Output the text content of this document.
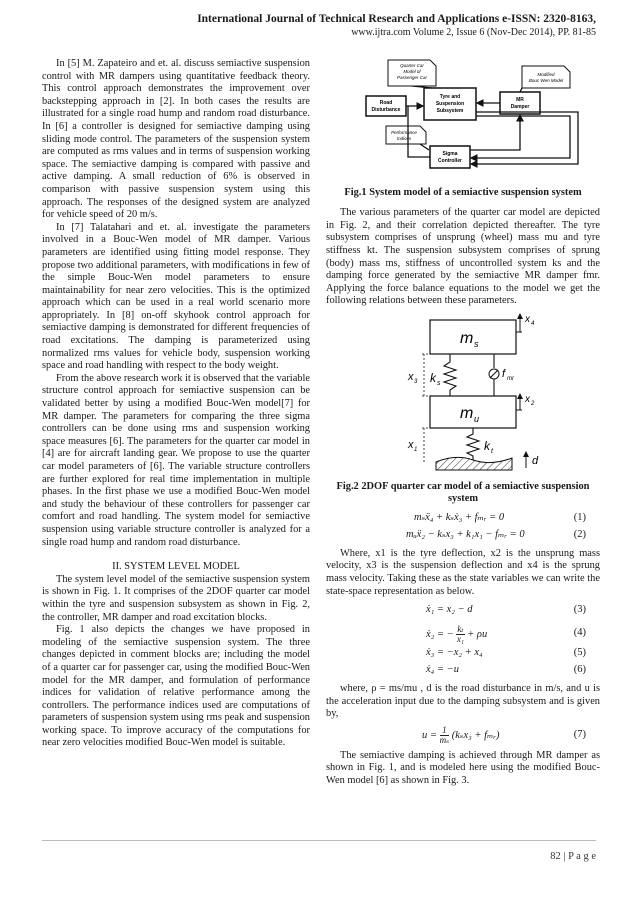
International Journal of Technical Research and Applications e-ISSN: 2320-8163,
www.ijtra.com Volume 2, Issue 6 (Nov-Dec 2014), PP. 81-85

In [5] M. Zapateiro and et. al. discuss semiactive suspension control with MR dampers using quantitative feedback theory. This control approach demonstrates the improvement over backstepping approach in [2]. In both cases the results are illustrated for a single road hump and random road disturbance. In [6] a controller is designed for semiactive damping using sliding mode control. The parameters of the suspension system are computed as rms values and in terms of suspension working space. The semiactive damping is compared with passive and active damping. A small reduction of 6% is observed in comparison with passive suspension system using this approach. The responses of the designed system are analyzed for vehicle speed of 20 m/s.

In [7] Talatahari and et. al. investigate the parameters involved in a Bouc-Wen model of MR damper. Various parameters are identified using fitting model response. They propose two additional parameters, with modifications in few of the simple Bouc-Wen model parameters to ensure maintainability for near zero velocities. This is the optimized approach which can be used in a real world scenario more appropriately. In [8] on-off skyhook control approach for semiactive damping is demonstrated for different frequencies of road excitations. The damping is parameterized using normalized rms values for vehicle body, suspension working space and road handling with respect to the body weight.

From the above research work it is observed that the variable structure control approach for semiactive suspension can be validated better by using a modified Bouc-Wen model[7] for MR damper. The parameters for comparing the three sigma controllers can be done using rms and suspension working space measures [6]. The parameters for the quarter car model in [4] are for aircraft landing gear. We propose to use the quarter car model parameters of [6]. The variable structure controllers are further explored for real time implementation in multiple phases. In the first phase we use a modified Bouc-Wen model and study the behaviour of these controllers for passenger car comfort and road handling. The system model for semiactive suspension using variable structure controller is analyzed for a single road hump and random road disturbance.

II. SYSTEM LEVEL MODEL

The system level model of the semiactive suspension system is shown in Fig. 1. It comprises of the 2DOF quarter car model within the tyre and suspension subsystem as shown in Fig. 2, the controller, MR damper and road excitation blocks.

Fig. 1 also depicts the changes we have proposed in modeling of the semiactive suspension system. The three changes depicted in comment blocks are; including the model of a quarter car for passenger car, using the modified Bouc-Wen model for the MR damper, and formulation of performance indices for validation of relative performance among the controllers. The performance indices used are computations of parameters of suspension system using rms peak and suspension working space. To improve accuracy of the computations for near zero velocities modified Bouc-Wen model is suitable.

Quarter Car
Model of
Passenger Car
Modified
Bouc Wen Model
Road
Disturbance
Tyre and
Suspension
Subsystem
MR
Damper
Performance
Indices
Sigma
Controller

Fig.1 System model of a semiactive suspension system

The various parameters of the quarter car model are depicted in Fig. 2, and their correlation depicted thereafter. The tyre subsystem comprises of unsprung (wheel) mass mu and tyre stiffness kt. The suspension subsystem comprises of sprung (body) mass ms, stiffness of uncontrolled system ks and the damping force generated by the semiactive MR damper fmr. Applying the force balance equations to the model we get the following relations between these parameters.

m s
x 4
k s
f mr
x 3
m u
x 2
k t
x 1
d

Fig.2 2DOF quarter car model of a semiactive suspension system

mₛẍ₄ + kₛẋ₃ + fₘᵣ = 0	(1)
mᵤẍ₂ − kₛx₃ + k₁x₁ − fₘᵣ = 0	(2)

Where, x1 is the tyre deflection, x2 is the unsprung mass velocity, x3 is the suspension deflection and x4 is the sprung mass velocity. Taking these as the state variables we can write the state-space representation as below.

ẋ₁ = x₂ − d	(3)
ẋ₂ = − $\frac{\text{kₜ}}{\text{x₁}} + \rho u$	(4)
ẋ₃ = −x₂ + x₄	(5)
ẋ₄ = −u	(6)

where, ρ = ms/mu , d is the road disturbance in m/s, and u is the acceleration input due to the damping subsystem and is given by,

$u = \frac{1}{\text{mₛ}} (k_sx_3$ + fₘᵣ)	(7)

The semiactive damping is achieved through MR damper as shown in Fig. 1, and is modeled here using the modified Bouc-Wen model [6] as shown in Fig. 3.

82 | P a g e
